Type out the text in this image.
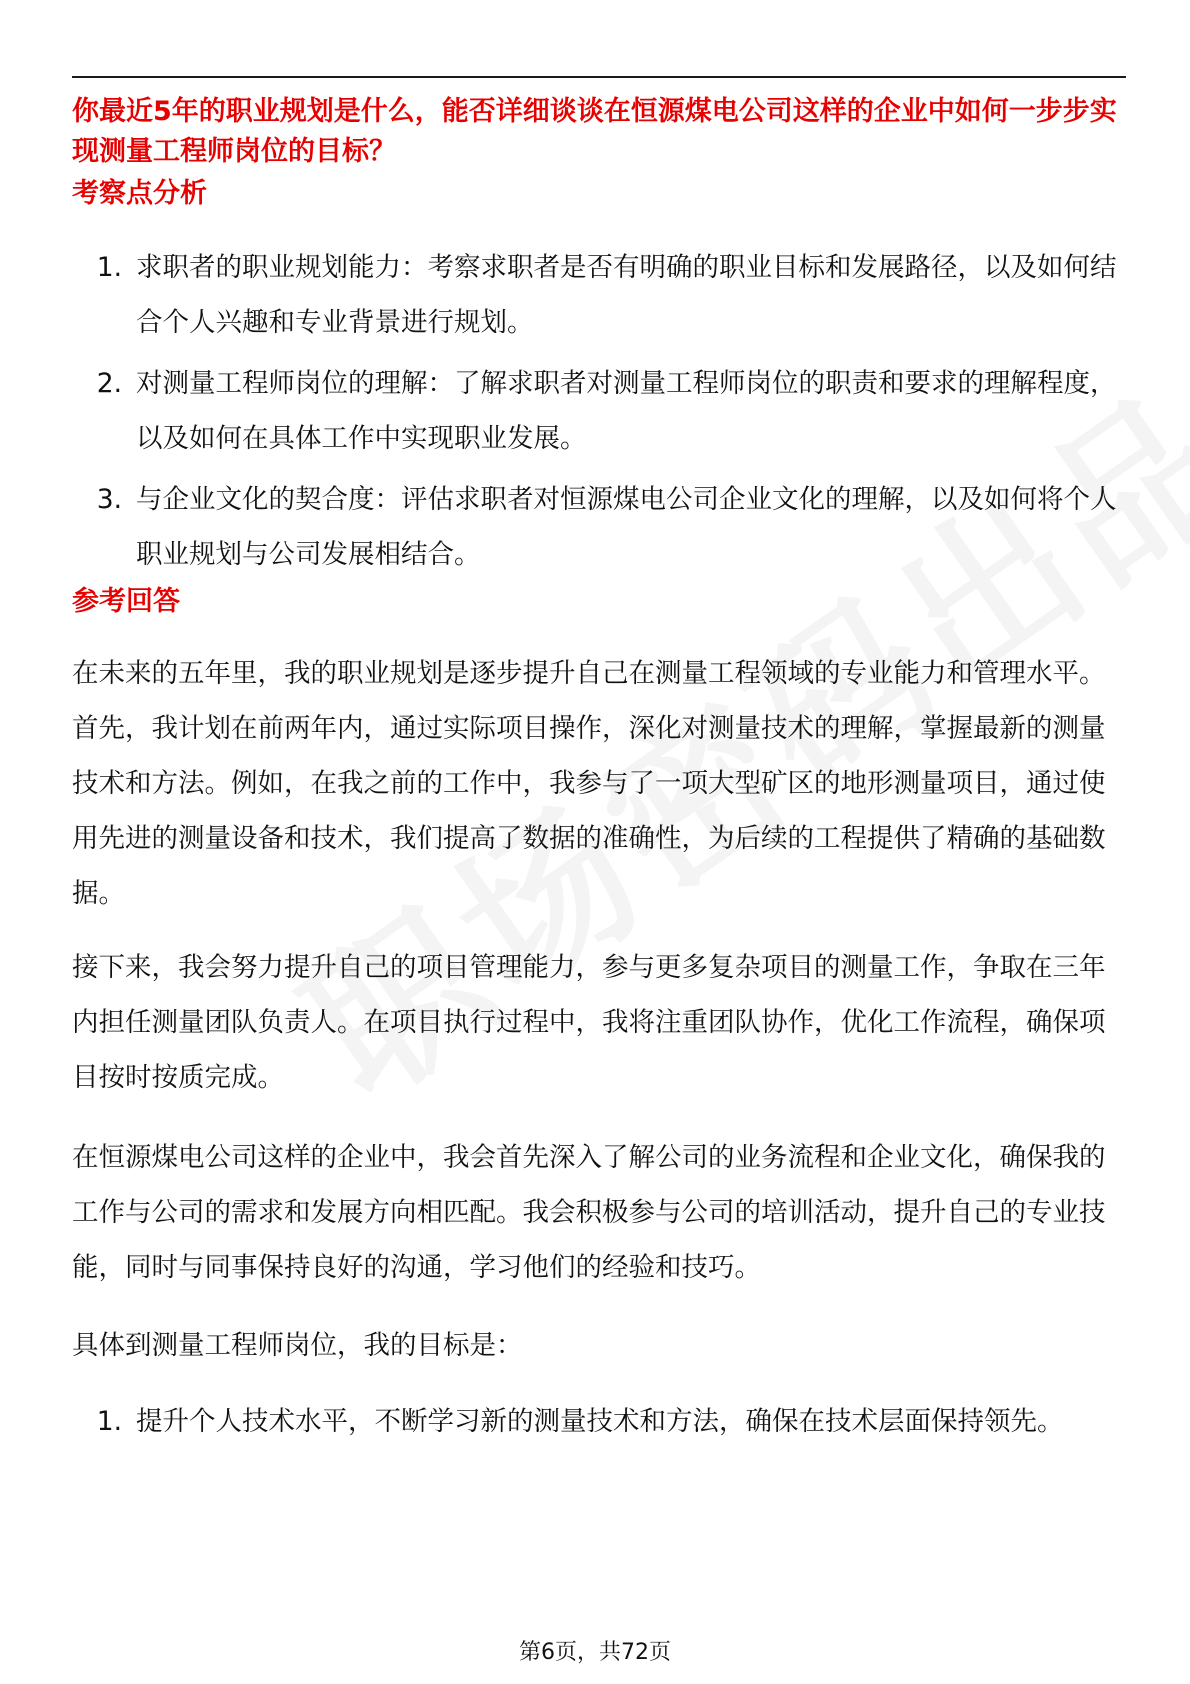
你最近5年的职业规划是什么，能否详细谈谈在恒源煤电公司这样的企业中如何一步步实现测量工程师岗位的目标？
考察点分析
1. 求职者的职业规划能力：考察求职者是否有明确的职业目标和发展路径，以及如何结合个人兴趣和专业背景进行规划。
2. 对测量工程师岗位的理解：了解求职者对测量工程师岗位的职责和要求的理解程度，以及如何在具体工作中实现职业发展。
3. 与企业文化的契合度：评估求职者对恒源煤电公司企业文化的理解，以及如何将个人职业规划与公司发展相结合。
参考回答

在未来的五年里，我的职业规划是逐步提升自己在测量工程领域的专业能力和管理水平。首先，我计划在前两年内，通过实际项目操作，深化对测量技术的理解，掌握最新的测量技术和方法。例如，在我之前的工作中，我参与了一项大型矿区的地形测量项目，通过使用先进的测量设备和技术，我们提高了数据的准确性，为后续的工程提供了精确的基础数据。

接下来，我会努力提升自己的项目管理能力，参与更多复杂项目的测量工作，争取在三年内担任测量团队负责人。在项目执行过程中，我将注重团队协作，优化工作流程，确保项目按时按质完成。

在恒源煤电公司这样的企业中，我会首先深入了解公司的业务流程和企业文化，确保我的工作与公司的需求和发展方向相匹配。我会积极参与公司的培训活动，提升自己的专业技能，同时与同事保持良好的沟通，学习他们的经验和技巧。

具体到测量工程师岗位，我的目标是：

1. 提升个人技术水平，不断学习新的测量技术和方法，确保在技术层面保持领先。
第6页，共72页
